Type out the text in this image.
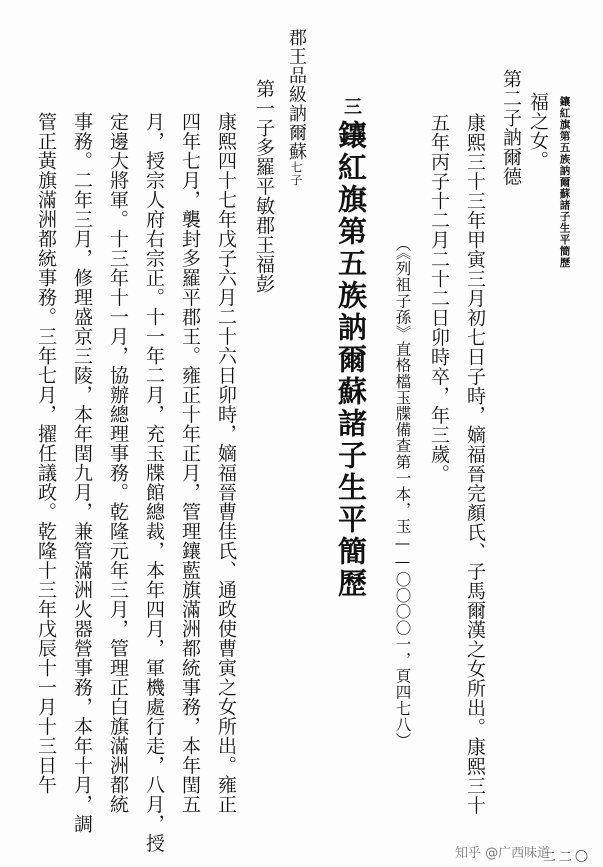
鑲紅旗第五族訥爾蘇諸子生平簡歷
福之女。
第二子訥爾德
康熙三十三年甲寅三月初七日子時，嫡福晉完顏氏、子馬爾漢之女所出。康熙三十
五年丙子十二月二十二日卯時卒，年三歲。
（《列祖子孫》直格檔玉牒備查第一本，玉——〇〇〇〇一，頁四七八）
三
鑲紅旗第五族訥爾蘇諸子生平簡歷
郡王品級訥爾蘇七子
第一子多羅平敏郡王福彭
康熙四十七年戊子六月二十六日卯時，嫡福晉曹佳氏、通政使曹寅之女所出。雍正
四年七月，襲封多羅平郡王。雍正十年正月，管理鑲藍旗滿洲都統事務，本年閏五
月，授宗人府右宗正。十一年二月，充玉牒館總裁，本年四月，軍機處行走，八月，授
定邊大將軍。十三年十一月，協辦總理事務。乾隆元年三月，管理正白旗滿洲都統
事務。二年三月，修理盛京三陵，本年閏九月，兼管滿洲火器營事務，本年十月，調
管正黃旗滿洲都統事務。三年七月，擢任議政。乾隆十三年戊辰十一月十三日午
二二〇
知乎 @广西味道
